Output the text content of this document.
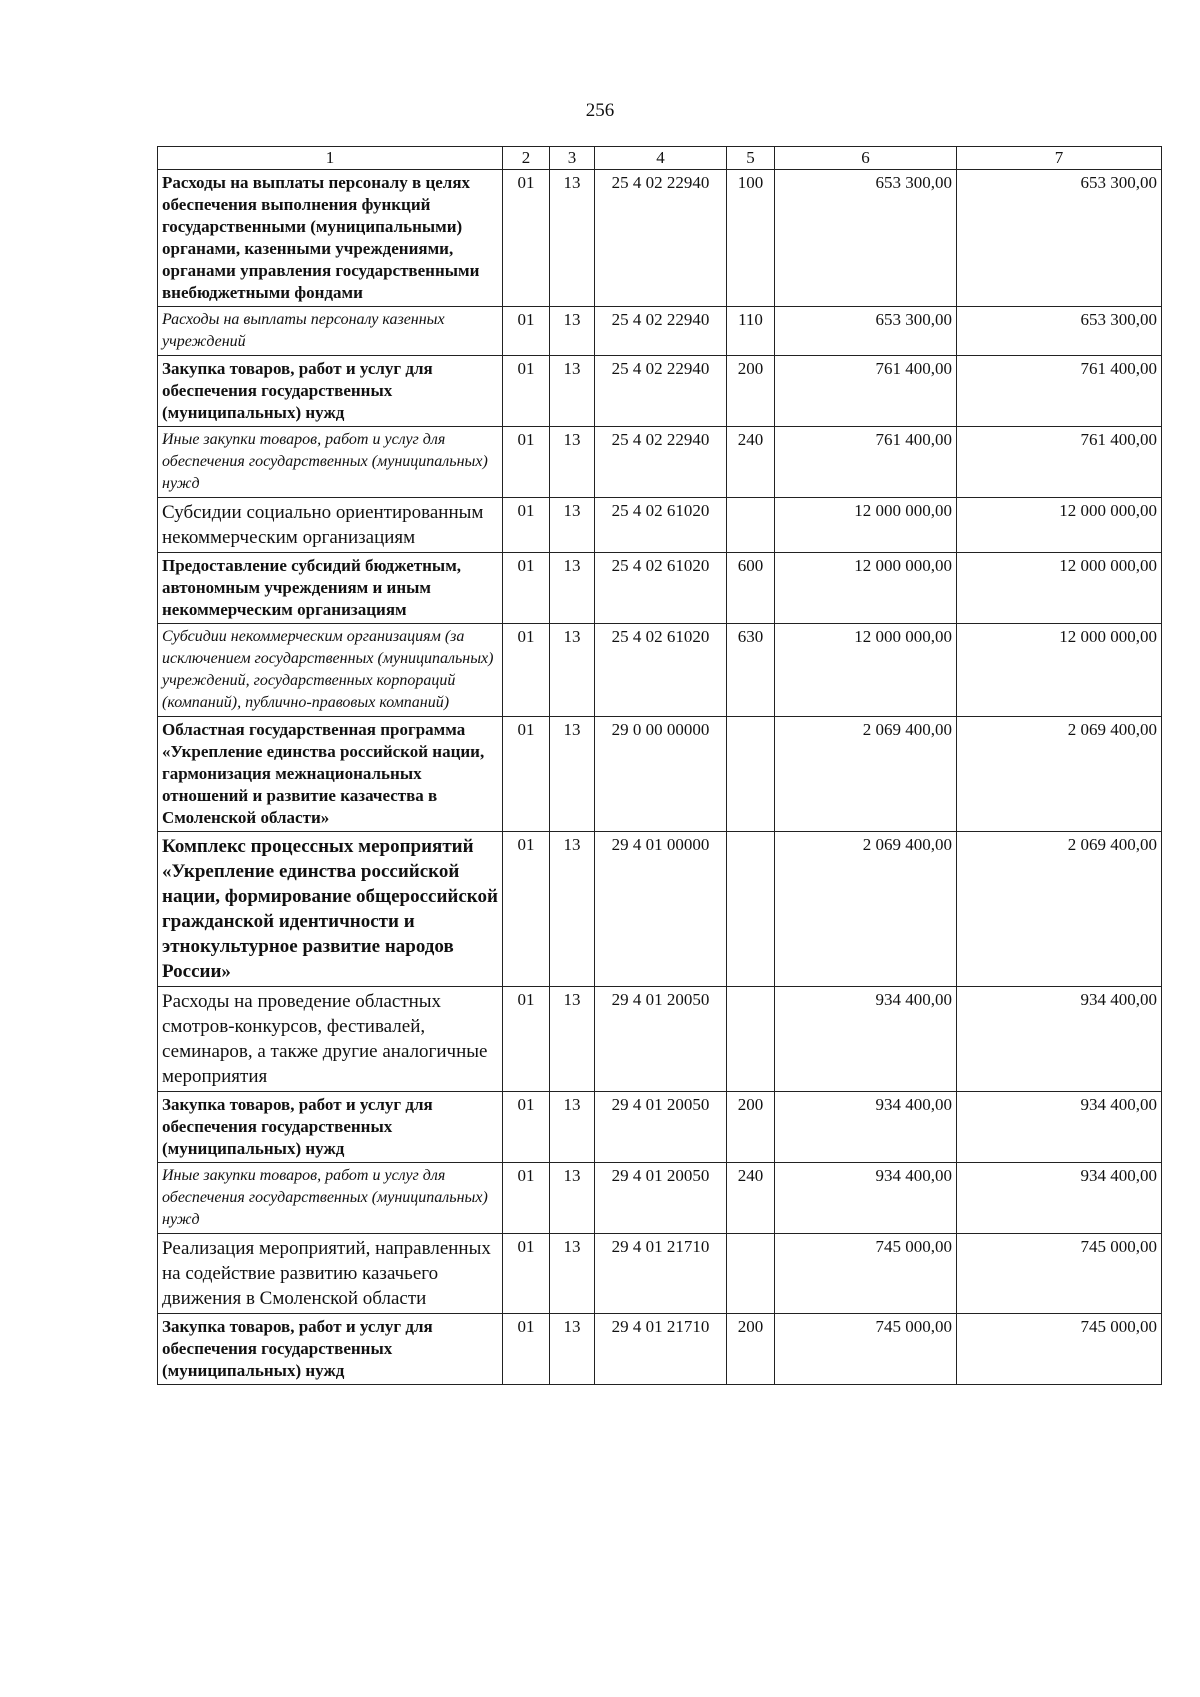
256
1	2	3	4	5	6	7
Расходы на выплаты персоналу в целях обеспечения выполнения функций государственными (муниципальными) органами, казенными учреждениями, органами управления государственными внебюджетными фондами	01	13	25 4 02 22940	100	653 300,00	653 300,00
Расходы на выплаты персоналу казенных учреждений	01	13	25 4 02 22940	110	653 300,00	653 300,00
Закупка товаров, работ и услуг для обеспечения государственных (муниципальных) нужд	01	13	25 4 02 22940	200	761 400,00	761 400,00
Иные закупки товаров, работ и услуг для обеспечения государственных (муниципальных) нужд	01	13	25 4 02 22940	240	761 400,00	761 400,00
Субсидии социально ориентированным некоммерческим организациям	01	13	25 4 02 61020		12 000 000,00	12 000 000,00
Предоставление субсидий бюджетным, автономным учреждениям и иным некоммерческим организациям	01	13	25 4 02 61020	600	12 000 000,00	12 000 000,00
Субсидии некоммерческим организациям (за исключением государственных (муниципальных) учреждений, государственных корпораций (компаний), публично-правовых компаний)	01	13	25 4 02 61020	630	12 000 000,00	12 000 000,00
Областная государственная программа «Укрепление единства российской нации, гармонизация межнациональных отношений и развитие казачества в Смоленской области»	01	13	29 0 00 00000		2 069 400,00	2 069 400,00
Комплекс процессных мероприятий «Укрепление единства российской нации, формирование общероссийской гражданской идентичности и этнокультурное развитие народов России»	01	13	29 4 01 00000		2 069 400,00	2 069 400,00
Расходы на проведение областных смотров-конкурсов, фестивалей, семинаров, а также другие аналогичные мероприятия	01	13	29 4 01 20050		934 400,00	934 400,00
Закупка товаров, работ и услуг для обеспечения государственных (муниципальных) нужд	01	13	29 4 01 20050	200	934 400,00	934 400,00
Иные закупки товаров, работ и услуг для обеспечения государственных (муниципальных) нужд	01	13	29 4 01 20050	240	934 400,00	934 400,00
Реализация мероприятий, направленных на содействие развитию казачьего движения в Смоленской области	01	13	29 4 01 21710		745 000,00	745 000,00
Закупка товаров, работ и услуг для обеспечения государственных (муниципальных) нужд	01	13	29 4 01 21710	200	745 000,00	745 000,00
